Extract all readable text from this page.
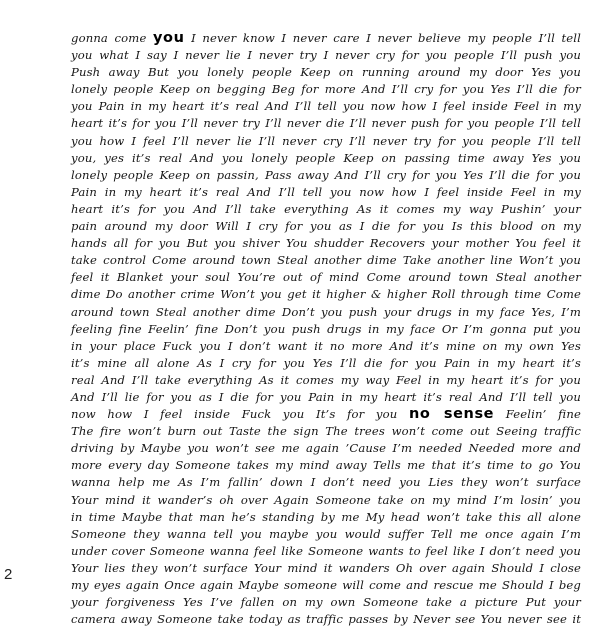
gonna come you I never know I never care I never believe my people I’ll tell
you what I say I never lie I never try I never cry for you people I’ll push you
Push away But you lonely people Keep on running around my door Yes you
lonely people Keep on begging Beg for more And I’ll cry for you Yes I’ll die for
you Pain in my heart it’s real And I’ll tell you now how I feel inside Feel in my
heart it’s for you I’ll never try I’ll never die I’ll never push for you people I’ll tell
you how I feel I’ll never lie I’ll never cry I’ll never try for you people I’ll tell
you, yes it’s real And you lonely people Keep on passing time away Yes you
lonely people Keep on passin, Pass away And I’ll cry for you Yes I’ll die for you
Pain in my heart it’s real And I’ll tell you now how I feel inside Feel in my
heart it’s for you And I’ll take everything As it comes my way Pushin’ your
pain around my door Will I cry for you as I die for you Is this blood on my
hands all for you But you shiver You shudder Recovers your mother You feel it
take control Come around town Steal another dime Take another line Won’t you
feel it Blanket your soul You’re out of mind Come around town Steal another
dime Do another crime Won’t you get it higher & higher Roll through time Come
around town Steal another dime Don’t you push your drugs in my face Yes, I’m
feeling fine Feelin’ fine Don’t you push drugs in my face Or I’m gonna put you
in your place Fuck you I don’t want it no more And it’s mine on my own Yes
it’s mine all alone As I cry for you Yes I’ll die for you Pain in my heart it’s
real And I’ll take everything As it comes my way Feel in my heart it’s for you
And I’ll lie for you as I die for you Pain in my heart it’s real And I’ll tell you
now how I feel inside Fuck you It’s for you no sense Feelin’ fine
The fire won’t burn out Taste the sign The trees won’t come out Seeing traffic
driving by Maybe you won’t see me again ’Cause I’m needed Needed more and
more every day Someone takes my mind away Tells me that it’s time to go You
wanna help me As I’m fallin’ down I don’t need you Lies they won’t surface
Your mind it wander’s oh over Again Someone take on my mind I’m losin’ you
in time Maybe that man he’s standing by me My head won’t take this all alone
Someone they wanna tell you maybe you would suffer Tell me once again I’m
under cover Someone wanna feel like Someone wants to feel like I don’t need you
Your lies they won’t surface Your mind it wanders Oh over again Should I close
my eyes again Once again Maybe someone will come and rescue me Should I beg
your forgiveness Yes I’ve fallen on my own Someone take a picture Put your
camera away Someone take today as traffic passes by Never see You never see it
2
